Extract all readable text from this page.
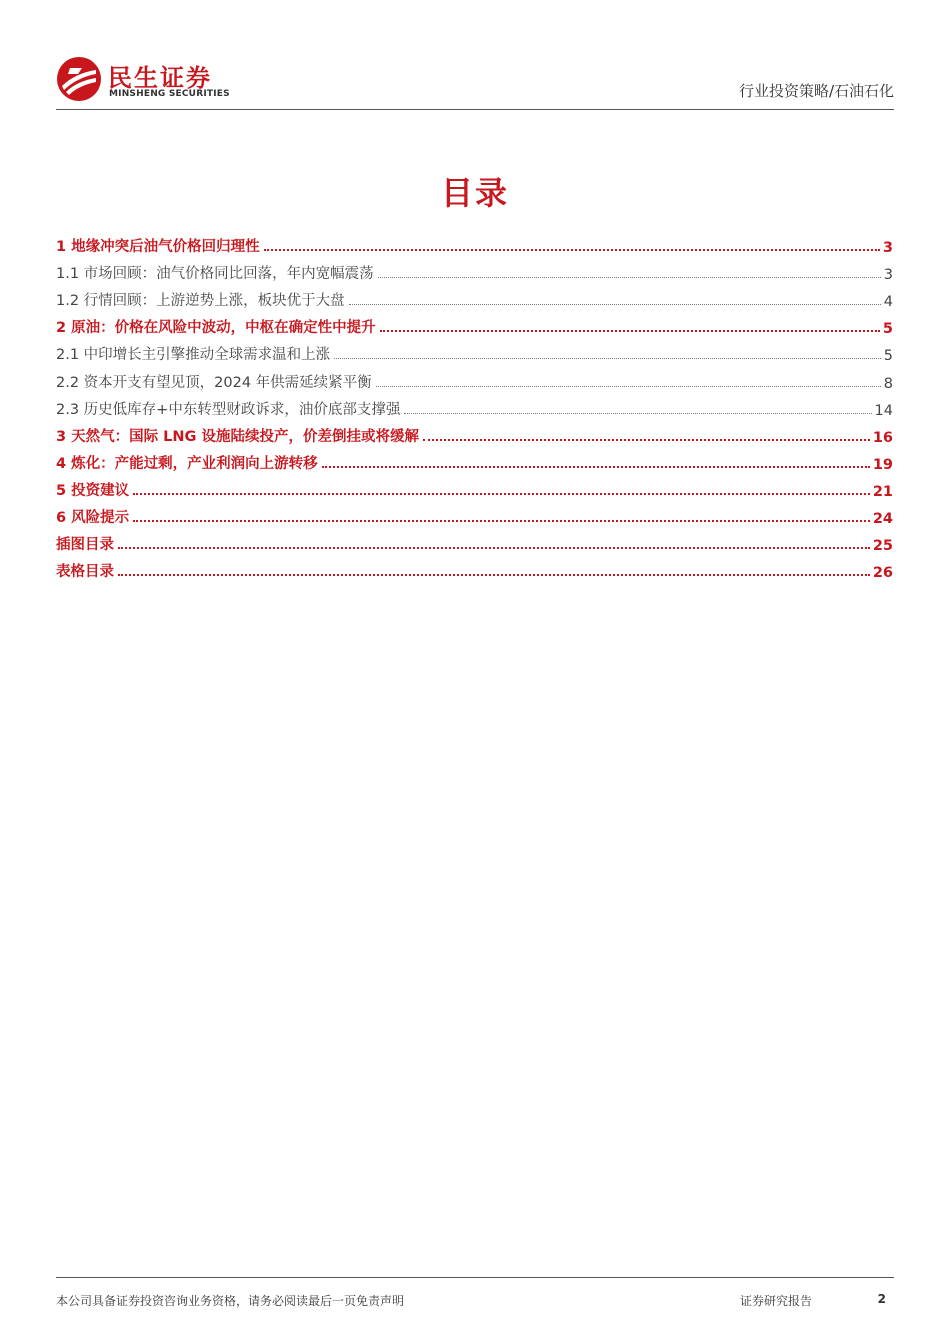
民生证券
MINSHENG SECURITIES	行业投资策略/石油石化
目录
1 地缘冲突后油气价格回归理性	3
1.1 市场回顾：油气价格同比回落，年内宽幅震荡	3
1.2 行情回顾：上游逆势上涨，板块优于大盘	4
2 原油：价格在风险中波动，中枢在确定性中提升	5
2.1 中印增长主引擎推动全球需求温和上涨	5
2.2 资本开支有望见顶，2024 年供需延续紧平衡	8
2.3 历史低库存+中东转型财政诉求，油价底部支撑强	14
3 天然气：国际 LNG 设施陆续投产，价差倒挂或将缓解	16
4 炼化：产能过剩，产业利润向上游转移	19
5 投资建议	21
6 风险提示	24
插图目录	25
表格目录	26
本公司具备证券投资咨询业务资格，请务必阅读最后一页免责声明	证券研究报告	2
